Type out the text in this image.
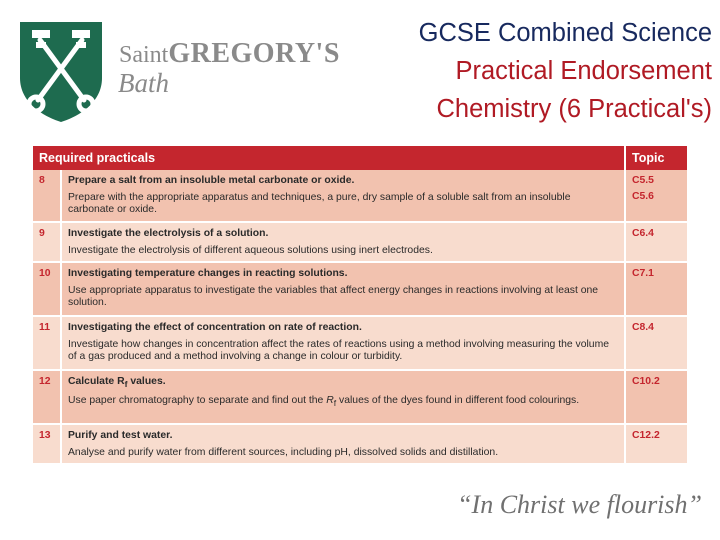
SaintGREGORY'S
Bath
GCSE Combined Science
Practical Endorsement
Chemistry (6 Practical's)
Required practicals		Topic
8	Prepare a salt from an insoluble metal carbonate or oxide.
Prepare with the appropriate apparatus and techniques, a pure, dry sample of a soluble salt from an insoluble carbonate or oxide.	C5.5
C5.6

9	Investigate the electrolysis of a solution.
Investigate the electrolysis of different aqueous solutions using inert electrodes.	C6.4

10	Investigating temperature changes in reacting solutions.
Use appropriate apparatus to investigate the variables that affect energy changes in reactions involving at least one solution.	C7.1

11	Investigating the effect of concentration on rate of reaction.
Investigate how changes in concentration affect the rates of reactions using a method involving measuring the volume of a gas produced and a method involving a change in colour or turbidity.	C8.4

12	Calculate $R_f$ values.
Use paper chromatography to separate and find out the $R_f$ values of the dyes found in different food colourings.	C10.2

13	Purify and test water.
Analyse and purify water from different sources, including pH, dissolved solids and distillation.	C12.2
“In Christ we flourish”
